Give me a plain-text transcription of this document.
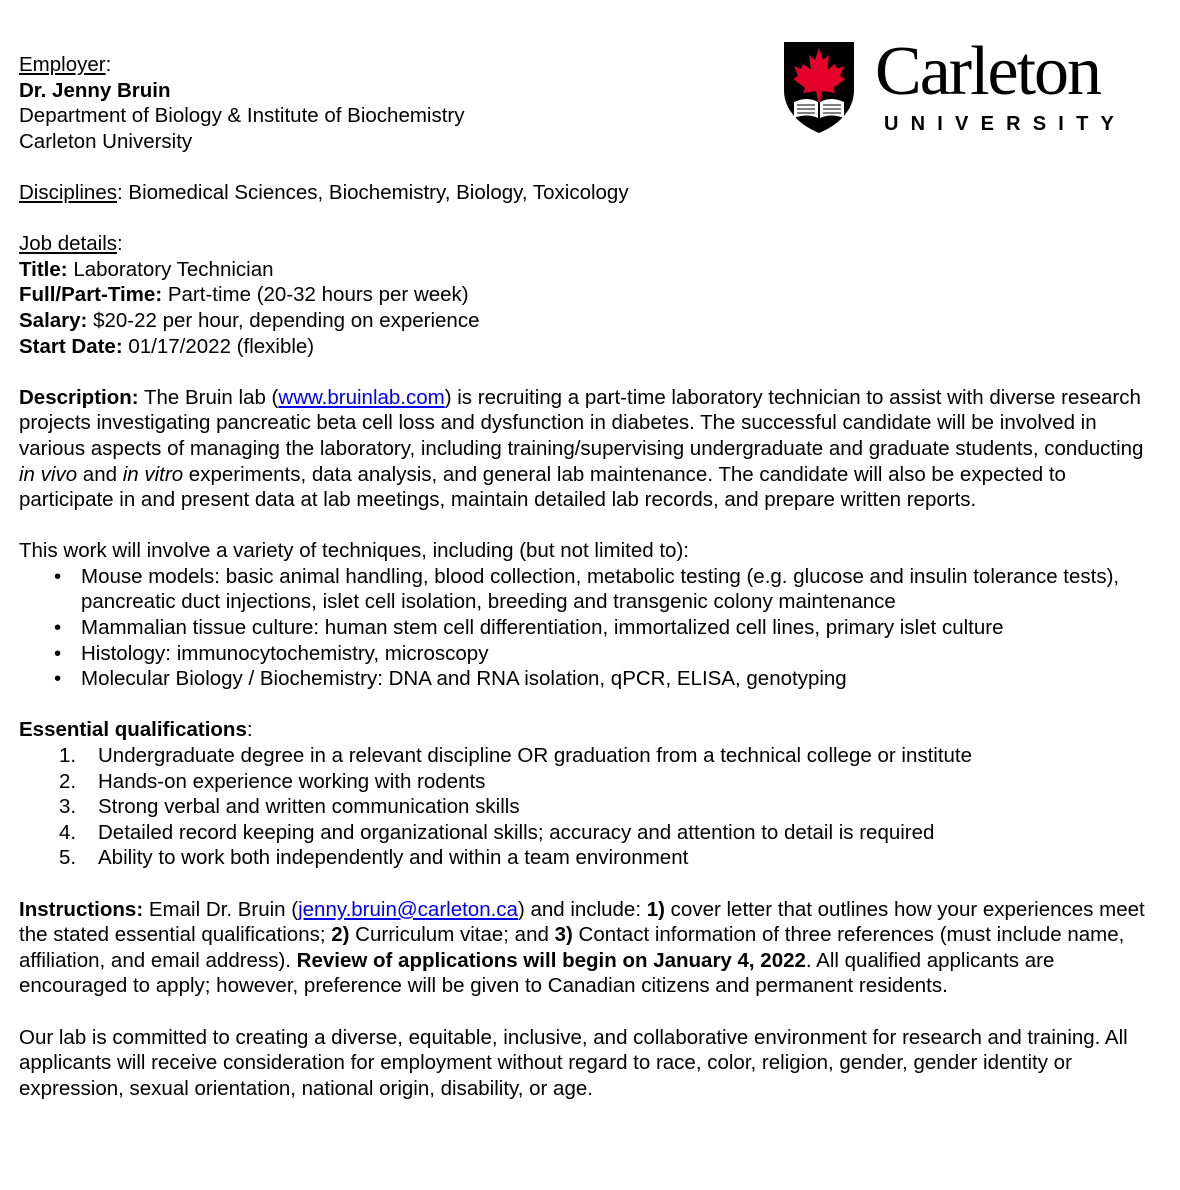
Carleton
UNIVERSITY

Employer:

Dr. Jenny Bruin

Department of Biology & Institute of Biochemistry

Carleton University

Disciplines: Biomedical Sciences, Biochemistry, Biology, Toxicology

Job details:

Title: Laboratory Technician

Full/Part-Time: Part-time (20-32 hours per week)

Salary: $20-22 per hour, depending on experience

Start Date: 01/17/2022 (flexible)

Description: The Bruin lab (www.bruinlab.com) is recruiting a part-time laboratory technician to assist with diverse research projects investigating pancreatic beta cell loss and dysfunction in diabetes. The successful candidate will be involved in various aspects of managing the laboratory, including training/supervising undergraduate and graduate students, conducting in vivo and in vitro experiments, data analysis, and general lab maintenance. The candidate will also be expected to participate in and present data at lab meetings, maintain detailed lab records, and prepare written reports.

This work will involve a variety of techniques, including (but not limited to):

• Mouse models: basic animal handling, blood collection, metabolic testing (e.g. glucose and insulin tolerance tests), pancreatic duct injections, islet cell isolation, breeding and transgenic colony maintenance
• Mammalian tissue culture: human stem cell differentiation, immortalized cell lines, primary islet culture
• Histology: immunocytochemistry, microscopy
• Molecular Biology / Biochemistry: DNA and RNA isolation, qPCR, ELISA, genotyping

Essential qualifications:

1. Undergraduate degree in a relevant discipline OR graduation from a technical college or institute
2. Hands-on experience working with rodents
3. Strong verbal and written communication skills
4. Detailed record keeping and organizational skills; accuracy and attention to detail is required
5. Ability to work both independently and within a team environment

Instructions: Email Dr. Bruin (jenny.bruin@carleton.ca) and include: 1) cover letter that outlines how your experiences meet the stated essential qualifications; 2) Curriculum vitae; and 3) Contact information of three references (must include name, affiliation, and email address). Review of applications will begin on January 4, 2022. All qualified applicants are encouraged to apply; however, preference will be given to Canadian citizens and permanent residents.

Our lab is committed to creating a diverse, equitable, inclusive, and collaborative environment for research and training. All applicants will receive consideration for employment without regard to race, color, religion, gender, gender identity or expression, sexual orientation, national origin, disability, or age.
